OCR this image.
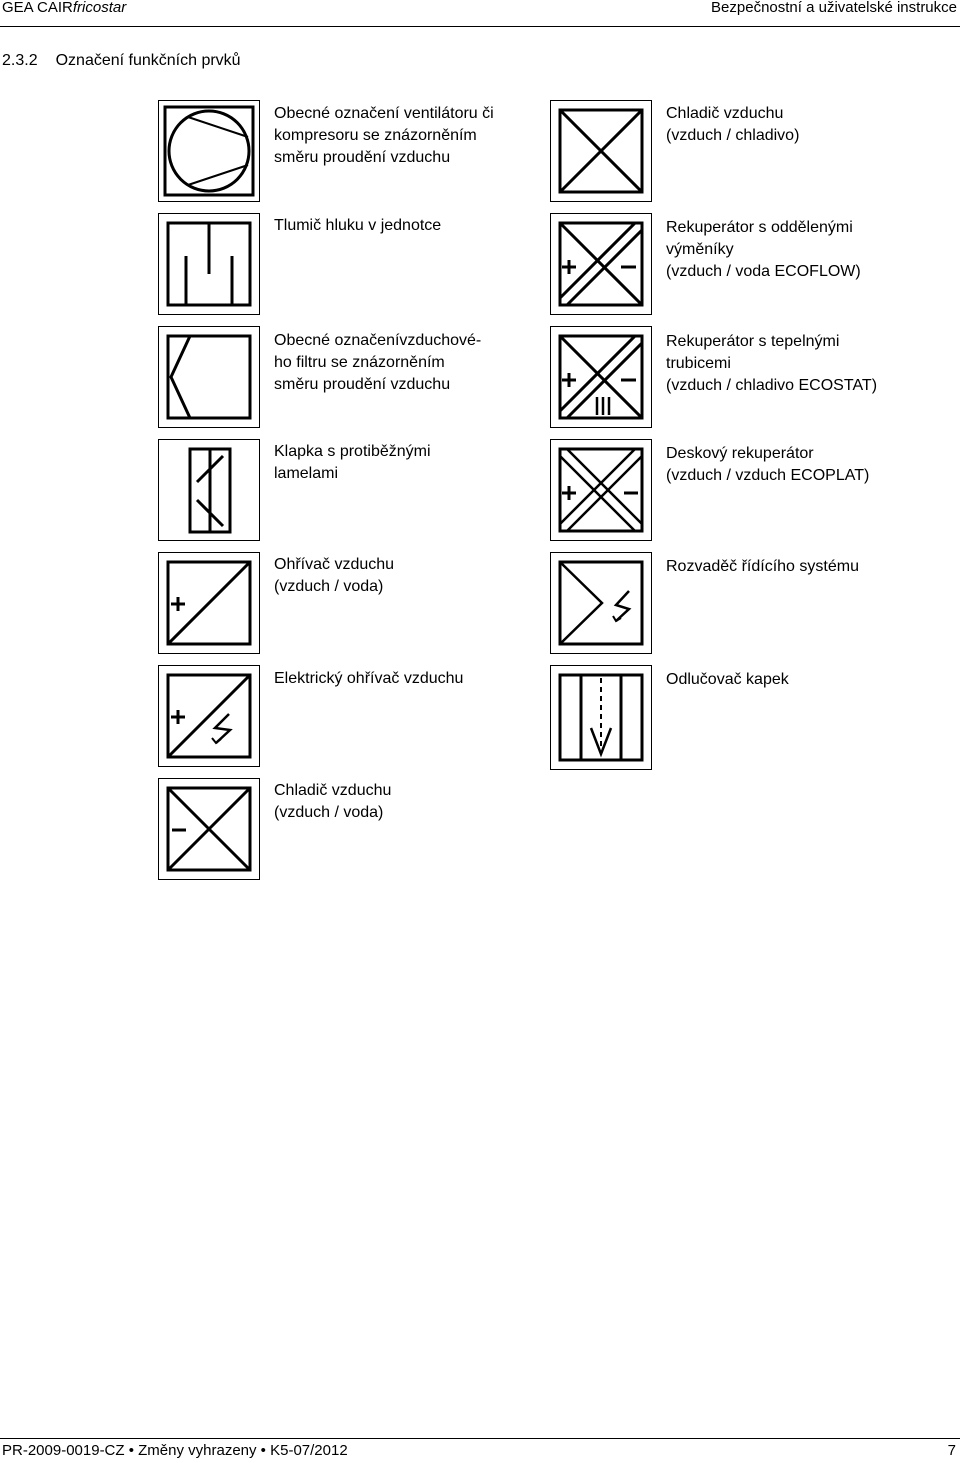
GEA CAIRfricostar	Bezpečnostní a uživatelské instrukce
2.3.2 Označení funkčních prvků
Obecné označení ventilátoru či
kompresoru se znázorněním
směru proudění vzduchu
Tlumič hluku v jednotce
Obecné označenívzduchové-
ho filtru se znázorněním
směru proudění vzduchu
Klapka s protiběžnými
lamelami
Ohřívač vzduchu
(vzduch / voda)
Elektrický ohřívač vzduchu
Chladič vzduchu
(vzduch / voda)
Chladič vzduchu
(vzduch / chladivo)
Rekuperátor s oddělenými
výměníky
(vzduch / voda ECOFLOW)
Rekuperátor s tepelnými
trubicemi
(vzduch / chladivo ECOSTAT)
Deskový rekuperátor
(vzduch / vzduch ECOPLAT)
Rozvaděč řídícího systému
Odlučovač kapek
PR-2009-0019-CZ • Změny vyhrazeny • K5-07/2012	7
